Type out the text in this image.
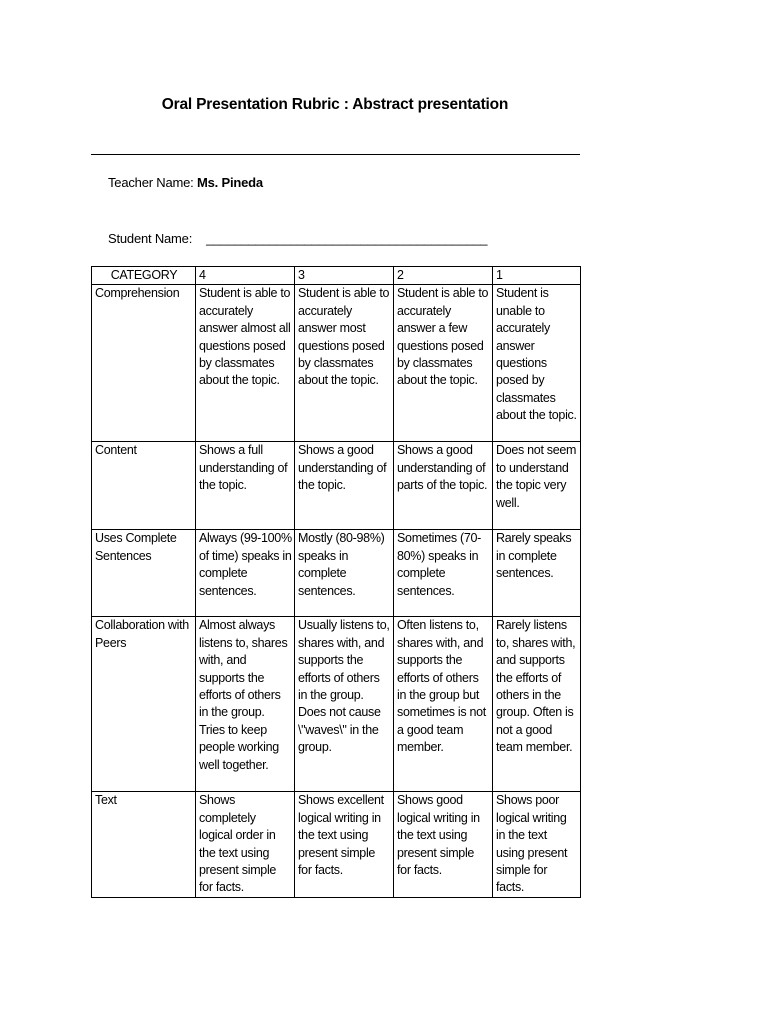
Oral Presentation Rubric : Abstract presentation
Teacher Name: Ms. Pineda
Student Name: ________________________________________
CATEGORY	4	3	2	1
Comprehension	Student is able to accurately answer almost all questions posed by classmates about the topic.	Student is able to accurately answer most questions posed by classmates about the topic.	Student is able to accurately answer a few questions posed by classmates about the topic.	Student is unable to accurately answer questions posed by classmates about the topic.
Content	Shows a full understanding of the topic.	Shows a good understanding of the topic.	Shows a good understanding of parts of the topic.	Does not seem to understand the topic very well.
Uses Complete Sentences	Always (99-100% of time) speaks in complete sentences.	Mostly (80-98%) speaks in complete sentences.	Sometimes (70-80%) speaks in complete sentences.	Rarely speaks in complete sentences.
Collaboration with Peers	Almost always listens to, shares with, and supports the efforts of others in the group. Tries to keep people working well together.	Usually listens to, shares with, and supports the efforts of others in the group. Does not cause \"waves\" in the group.	Often listens to, shares with, and supports the efforts of others in the group but sometimes is not a good team member.	Rarely listens to, shares with, and supports the efforts of others in the group. Often is not a good team member.
Text	Shows completely logical order in the text using present simple for facts.	Shows excellent logical writing in the text using present simple for facts.	Shows good logical writing in the text using present simple for facts.	Shows poor logical writing in the text using present simple for facts.
